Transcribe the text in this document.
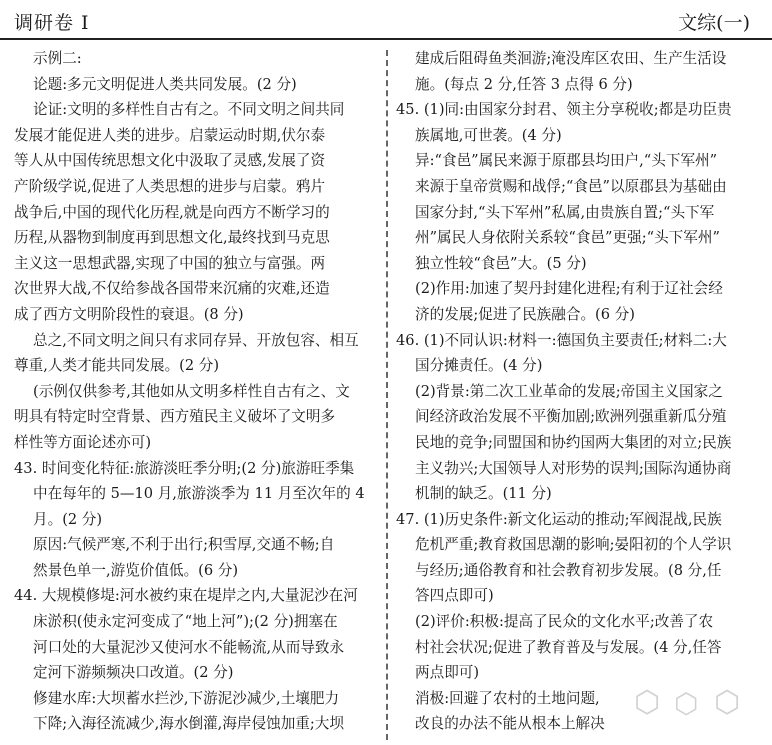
调研卷 I	文综(一)
示例二:
论题:多元文明促进人类共同发展。(2 分)
论证:文明的多样性自古有之。不同文明之间共同
发展才能促进人类的进步。启蒙运动时期,伏尔泰
等人从中国传统思想文化中汲取了灵感,发展了资
产阶级学说,促进了人类思想的进步与启蒙。鸦片
战争后,中国的现代化历程,就是向西方不断学习的
历程,从器物到制度再到思想文化,最终找到马克思
主义这一思想武器,实现了中国的独立与富强。两
次世界大战,不仅给参战各国带来沉痛的灾难,还造
成了西方文明阶段性的衰退。(8 分)
总之,不同文明之间只有求同存异、开放包容、相互
尊重,人类才能共同发展。(2 分)
(示例仅供参考,其他如从文明多样性自古有之、文
明具有特定时空背景、西方殖民主义破坏了文明多
样性等方面论述亦可)
43. 时间变化特征:旅游淡旺季分明;(2 分)旅游旺季集
中在每年的 5—10 月,旅游淡季为 11 月至次年的 4
月。(2 分)
原因:气候严寒,不利于出行;积雪厚,交通不畅;自
然景色单一,游览价值低。(6 分)
44. 大规模修堤:河水被约束在堤岸之内,大量泥沙在河
床淤积(使永定河变成了“地上河”);(2 分)拥塞在
河口处的大量泥沙又使河水不能畅流,从而导致永
定河下游频频决口改道。(2 分)
修建水库:大坝蓄水拦沙,下游泥沙减少,土壤肥力
下降;入海径流减少,海水倒灌,海岸侵蚀加重;大坝
建成后阻碍鱼类洄游;淹没库区农田、生产生活设
施。(每点 2 分,任答 3 点得 6 分)
45. (1)同:由国家分封君、领主分享税收;都是功臣贵
族属地,可世袭。(4 分)
异:“食邑”属民来源于原郡县均田户,“头下军州”
来源于皇帝赏赐和战俘;“食邑”以原郡县为基础由
国家分封,“头下军州”私属,由贵族自置;“头下军
州”属民人身依附关系较“食邑”更强;“头下军州”
独立性较“食邑”大。(5 分)
(2)作用:加速了契丹封建化进程;有利于辽社会经
济的发展;促进了民族融合。(6 分)
46. (1)不同认识:材料一:德国负主要责任;材料二:大
国分摊责任。(4 分)
(2)背景:第二次工业革命的发展;帝国主义国家之
间经济政治发展不平衡加剧;欧洲列强重新瓜分殖
民地的竞争;同盟国和协约国两大集团的对立;民族
主义勃兴;大国领导人对形势的误判;国际沟通协商
机制的缺乏。(11 分)
47. (1)历史条件:新文化运动的推动;军阀混战,民族
危机严重;教育救国思潮的影响;晏阳初的个人学识
与经历;通俗教育和社会教育初步发展。(8 分,任
答四点即可)
(2)评价:积极:提高了民众的文化水平;改善了农
村社会状况;促进了教育普及与发展。(4 分,任答
两点即可)
消极:回避了农村的土地问题,
改良的办法不能从根本上解决
⬡ ⬡ ⬡
